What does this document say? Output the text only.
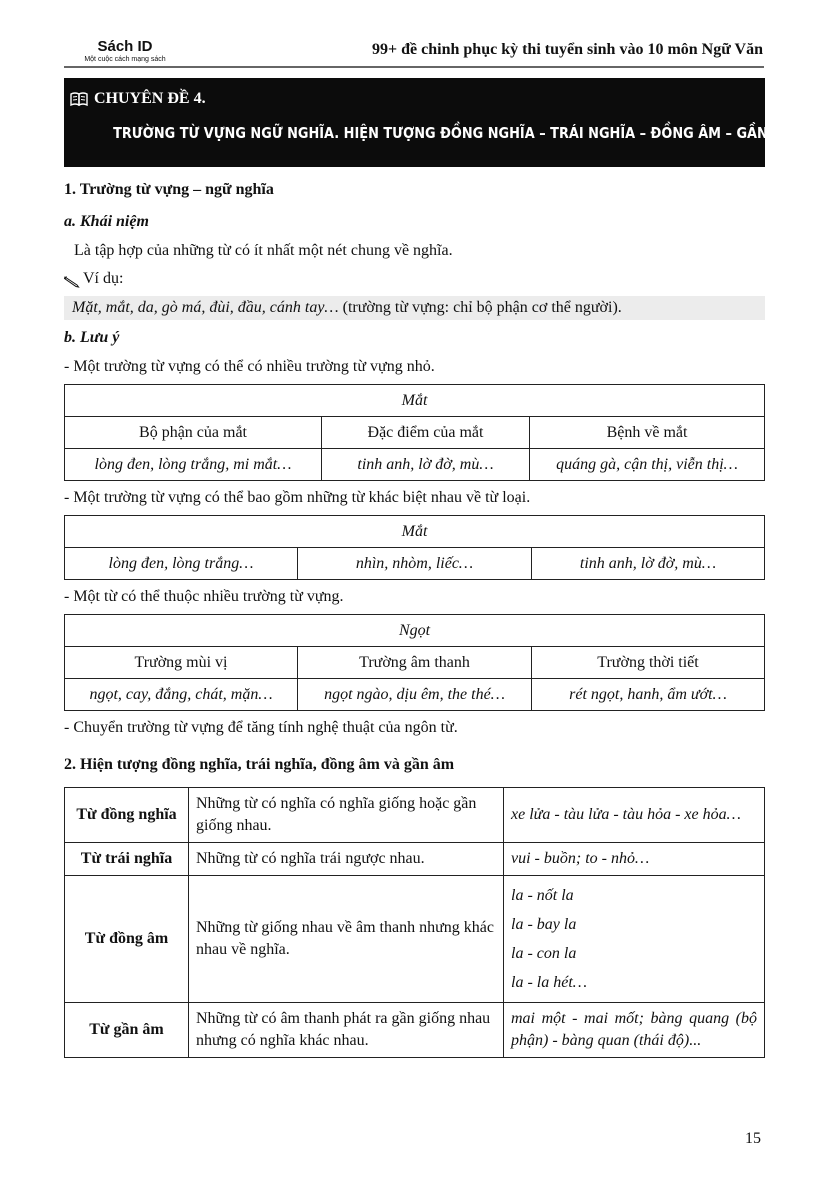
Sách ID
Một cuộc cách mạng sách
99+ đề chinh phục kỳ thi tuyển sinh vào 10 môn Ngữ Văn
CHUYÊN ĐỀ 4.
TRƯỜNG TỪ VỰNG NGỮ NGHĨA. HIỆN TƯỢNG ĐỒNG NGHĨA – TRÁI NGHĨA – ĐỒNG ÂM – GẦN ÂM
1. Trường từ vựng – ngữ nghĩa
a. Khái niệm
Là tập hợp của những từ có ít nhất một nét chung về nghĩa.
Ví dụ:
Mặt, mắt, da, gò má, đùi, đầu, cánh tay… (trường từ vựng: chỉ bộ phận cơ thể người).
b. Lưu ý
- Một trường từ vựng có thể có nhiều trường từ vựng nhỏ.
Mắt		
Bộ phận của mắt	Đặc điểm của mắt	Bệnh về mắt
lòng đen, lòng trắng, mi mắt…	tinh anh, lờ đờ, mù…	quáng gà, cận thị, viễn thị…
- Một trường từ vựng có thể bao gồm những từ khác biệt nhau về từ loại.
Mắt
lòng đen, lòng trắng…	nhìn, nhòm, liếc…	tinh anh, lờ đờ, mù…
- Một từ có thể thuộc nhiều trường từ vựng.
Ngọt		
Trường mùi vị	Trường âm thanh	Trường thời tiết
ngọt, cay, đắng, chát, mặn…	ngọt ngào, dịu êm, the thé…	rét ngọt, hanh, ẩm ướt…
- Chuyển trường từ vựng để tăng tính nghệ thuật của ngôn từ.
2. Hiện tượng đồng nghĩa, trái nghĩa, đồng âm và gần âm
Từ đồng nghĩa	Những từ có nghĩa có nghĩa giống hoặc gần giống nhau.	xe lửa - tàu lửa - tàu hỏa - xe hỏa…
Từ trái nghĩa	Những từ có nghĩa trái ngược nhau.	vui - buồn; to - nhỏ…
Từ đồng âm	Những từ giống nhau về âm thanh nhưng khác nhau về nghĩa.	la - nốt la
la - bay la
la - con la
la - la hét…

Từ gần âm	Những từ có âm thanh phát ra gần giống nhau nhưng có nghĩa khác nhau.	mai một - mai mốt; bàng quang (bộ phận) - bàng quan (thái độ)...
15
